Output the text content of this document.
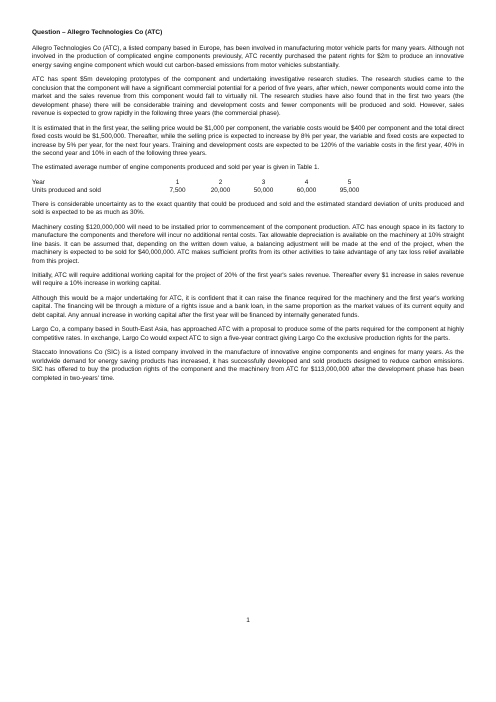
Question – Allegro Technologies Co (ATC)

Allegro Technologies Co (ATC), a listed company based in Europe, has been involved in manufacturing motor vehicle parts for many years. Although not involved in the production of complicated engine components previously, ATC recently purchased the patent rights for $2m to produce an innovative energy saving engine component which would cut carbon-based emissions from motor vehicles substantially.

ATC has spent $5m developing prototypes of the component and undertaking investigative research studies. The research studies came to the conclusion that the component will have a significant commercial potential for a period of five years, after which, newer components would come into the market and the sales revenue from this component would fall to virtually nil. The research studies have also found that in the first two years (the development phase) there will be considerable training and development costs and fewer components will be produced and sold. However, sales revenue is expected to grow rapidly in the following three years (the commercial phase).

It is estimated that in the first year, the selling price would be $1,000 per component, the variable costs would be $400 per component and the total direct fixed costs would be $1,500,000. Thereafter, while the selling price is expected to increase by 8% per year, the variable and fixed costs are expected to increase by 5% per year, for the next four years. Training and development costs are expected to be 120% of the variable costs in the first year, 40% in the second year and 10% in each of the following three years.

The estimated average number of engine components produced and sold per year is given in Table 1.

Year	1	2	3	4	5
Units produced and sold	7,500	20,000	50,000	60,000	95,000

There is considerable uncertainty as to the exact quantity that could be produced and sold and the estimated standard deviation of units produced and sold is expected to be as much as 30%.

Machinery costing $120,000,000 will need to be installed prior to commencement of the component production. ATC has enough space in its factory to manufacture the components and therefore will incur no additional rental costs. Tax allowable depreciation is available on the machinery at 10% straight line basis. It can be assumed that, depending on the written down value, a balancing adjustment will be made at the end of the project, when the machinery is expected to be sold for $40,000,000. ATC makes sufficient profits from its other activities to take advantage of any tax loss relief available from this project.

Initially, ATC will require additional working capital for the project of 20% of the first year's sales revenue. Thereafter every $1 increase in sales revenue will require a 10% increase in working capital.

Although this would be a major undertaking for ATC, it is confident that it can raise the finance required for the machinery and the first year's working capital. The financing will be through a mixture of a rights issue and a bank loan, in the same proportion as the market values of its current equity and debt capital. Any annual increase in working capital after the first year will be financed by internally generated funds.

Largo Co, a company based in South-East Asia, has approached ATC with a proposal to produce some of the parts required for the component at highly competitive rates. In exchange, Largo Co would expect ATC to sign a five-year contract giving Largo Co the exclusive production rights for the parts.

Staccato Innovations Co (SIC) is a listed company involved in the manufacture of innovative engine components and engines for many years. As the worldwide demand for energy saving products has increased, it has successfully developed and sold products designed to reduce carbon emissions. SIC has offered to buy the production rights of the component and the machinery from ATC for $113,000,000 after the development phase has been completed in two-years' time.

1
